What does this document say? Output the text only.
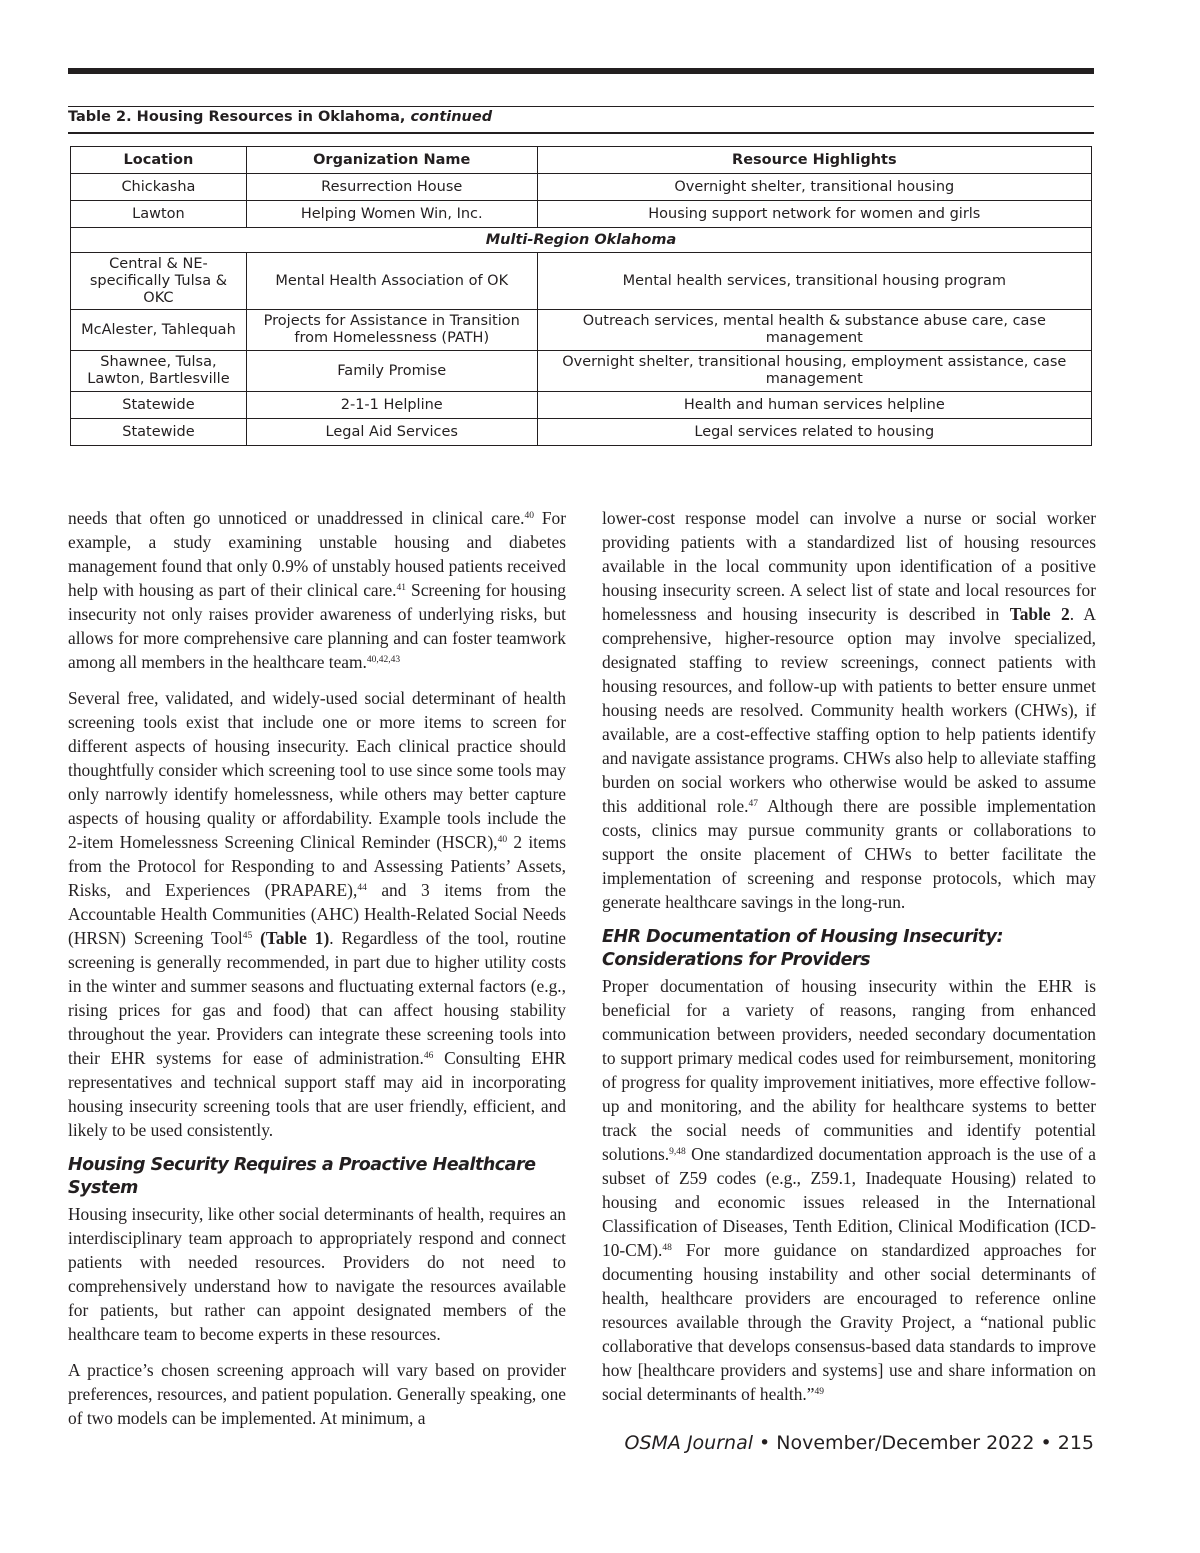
Table 2. Housing Resources in Oklahoma, continued
Location	Organization Name	Resource Highlights
Chickasha	Resurrection House	Overnight shelter, transitional housing
Lawton	Helping Women Win, Inc.	Housing support network for women and girls
Multi-Region Oklahoma		
Central & NE- specifically Tulsa & OKC	Mental Health Association of OK	Mental health services, transitional housing program
McAlester, Tahlequah	Projects for Assistance in Transition from Homelessness (PATH)	Outreach services, mental health & substance abuse care, case management
Shawnee, Tulsa, Lawton, Bartlesville	Family Promise	Overnight shelter, transitional housing, employment assistance, case management
Statewide	2-1-1 Helpline	Health and human services helpline
Statewide	Legal Aid Services	Legal services related to housing

needs that often go unnoticed or unaddressed in clinical care.$^{40}$ For example, a study examining unstable housing and diabetes management found that only 0.9% of unstably housed patients received help with housing as part of their clinical care.$^{41}$ Screening for housing insecurity not only raises provider awareness of underlying risks, but allows for more comprehensive care planning and can foster teamwork among all members in the healthcare team.$^{40,42,43}$

Several free, validated, and widely-used social determinant of health screening tools exist that include one or more items to screen for different aspects of housing insecurity. Each clinical practice should thoughtfully consider which screening tool to use since some tools may only narrowly identify homelessness, while others may better capture aspects of housing quality or affordability. Example tools include the 2-item Homelessness Screening Clinical Reminder (HSCR),$^{40}$ 2 items from the Protocol for Responding to and Assessing Patients’ Assets, Risks, and Experiences (PRAPARE),$^{44}$ and 3 items from the Accountable Health Communities (AHC) Health-Related Social Needs (HRSN) Screening Tool$^{45}$ (Table 1). Regardless of the tool, routine screening is generally recommended, in part due to higher utility costs in the winter and summer seasons and fluctuating external factors (e.g., rising prices for gas and food) that can affect housing stability throughout the year. Providers can integrate these screening tools into their EHR systems for ease of administration.$^{46}$ Consulting EHR representatives and technical support staff may aid in incorporating housing insecurity screening tools that are user friendly, efficient, and likely to be used consistently.

Housing Security Requires a Proactive Healthcare System

Housing insecurity, like other social determinants of health, requires an interdisciplinary team approach to appropriately respond and connect patients with needed resources. Providers do not need to comprehensively understand how to navigate the resources available for patients, but rather can appoint designated members of the healthcare team to become experts in these resources.

A practice’s chosen screening approach will vary based on provider preferences, resources, and patient population. Generally speaking, one of two models can be implemented. At minimum, a

lower-cost response model can involve a nurse or social worker providing patients with a standardized list of housing resources available in the local community upon identification of a positive housing insecurity screen. A select list of state and local resources for homelessness and housing insecurity is described in Table 2. A comprehensive, higher-resource option may involve specialized, designated staffing to review screenings, connect patients with housing resources, and follow-up with patients to better ensure unmet housing needs are resolved. Community health workers (CHWs), if available, are a cost-effective staffing option to help patients identify and navigate assistance programs. CHWs also help to alleviate staffing burden on social workers who otherwise would be asked to assume this additional role.$^{47}$ Although there are possible implementation costs, clinics may pursue community grants or collaborations to support the onsite placement of CHWs to better facilitate the implementation of screening and response protocols, which may generate healthcare savings in the long-run.

EHR Documentation of Housing Insecurity: Considerations for Providers

Proper documentation of housing insecurity within the EHR is beneficial for a variety of reasons, ranging from enhanced communication between providers, needed secondary documentation to support primary medical codes used for reimbursement, monitoring of progress for quality improvement initiatives, more effective follow-up and monitoring, and the ability for healthcare systems to better track the social needs of communities and identify potential solutions.$^{9,48}$ One standardized documentation approach is the use of a subset of Z59 codes (e.g., Z59.1, Inadequate Housing) related to housing and economic issues released in the International Classification of Diseases, Tenth Edition, Clinical Modification (ICD-10-CM).$^{48}$ For more guidance on standardized approaches for documenting housing instability and other social determinants of health, healthcare providers are encouraged to reference online resources available through the Gravity Project, a “national public collaborative that develops consensus-based data standards to improve how [healthcare providers and systems] use and share information on social determinants of health.”$^{49}$

OSMA Journal • November/December 2022 • 215
